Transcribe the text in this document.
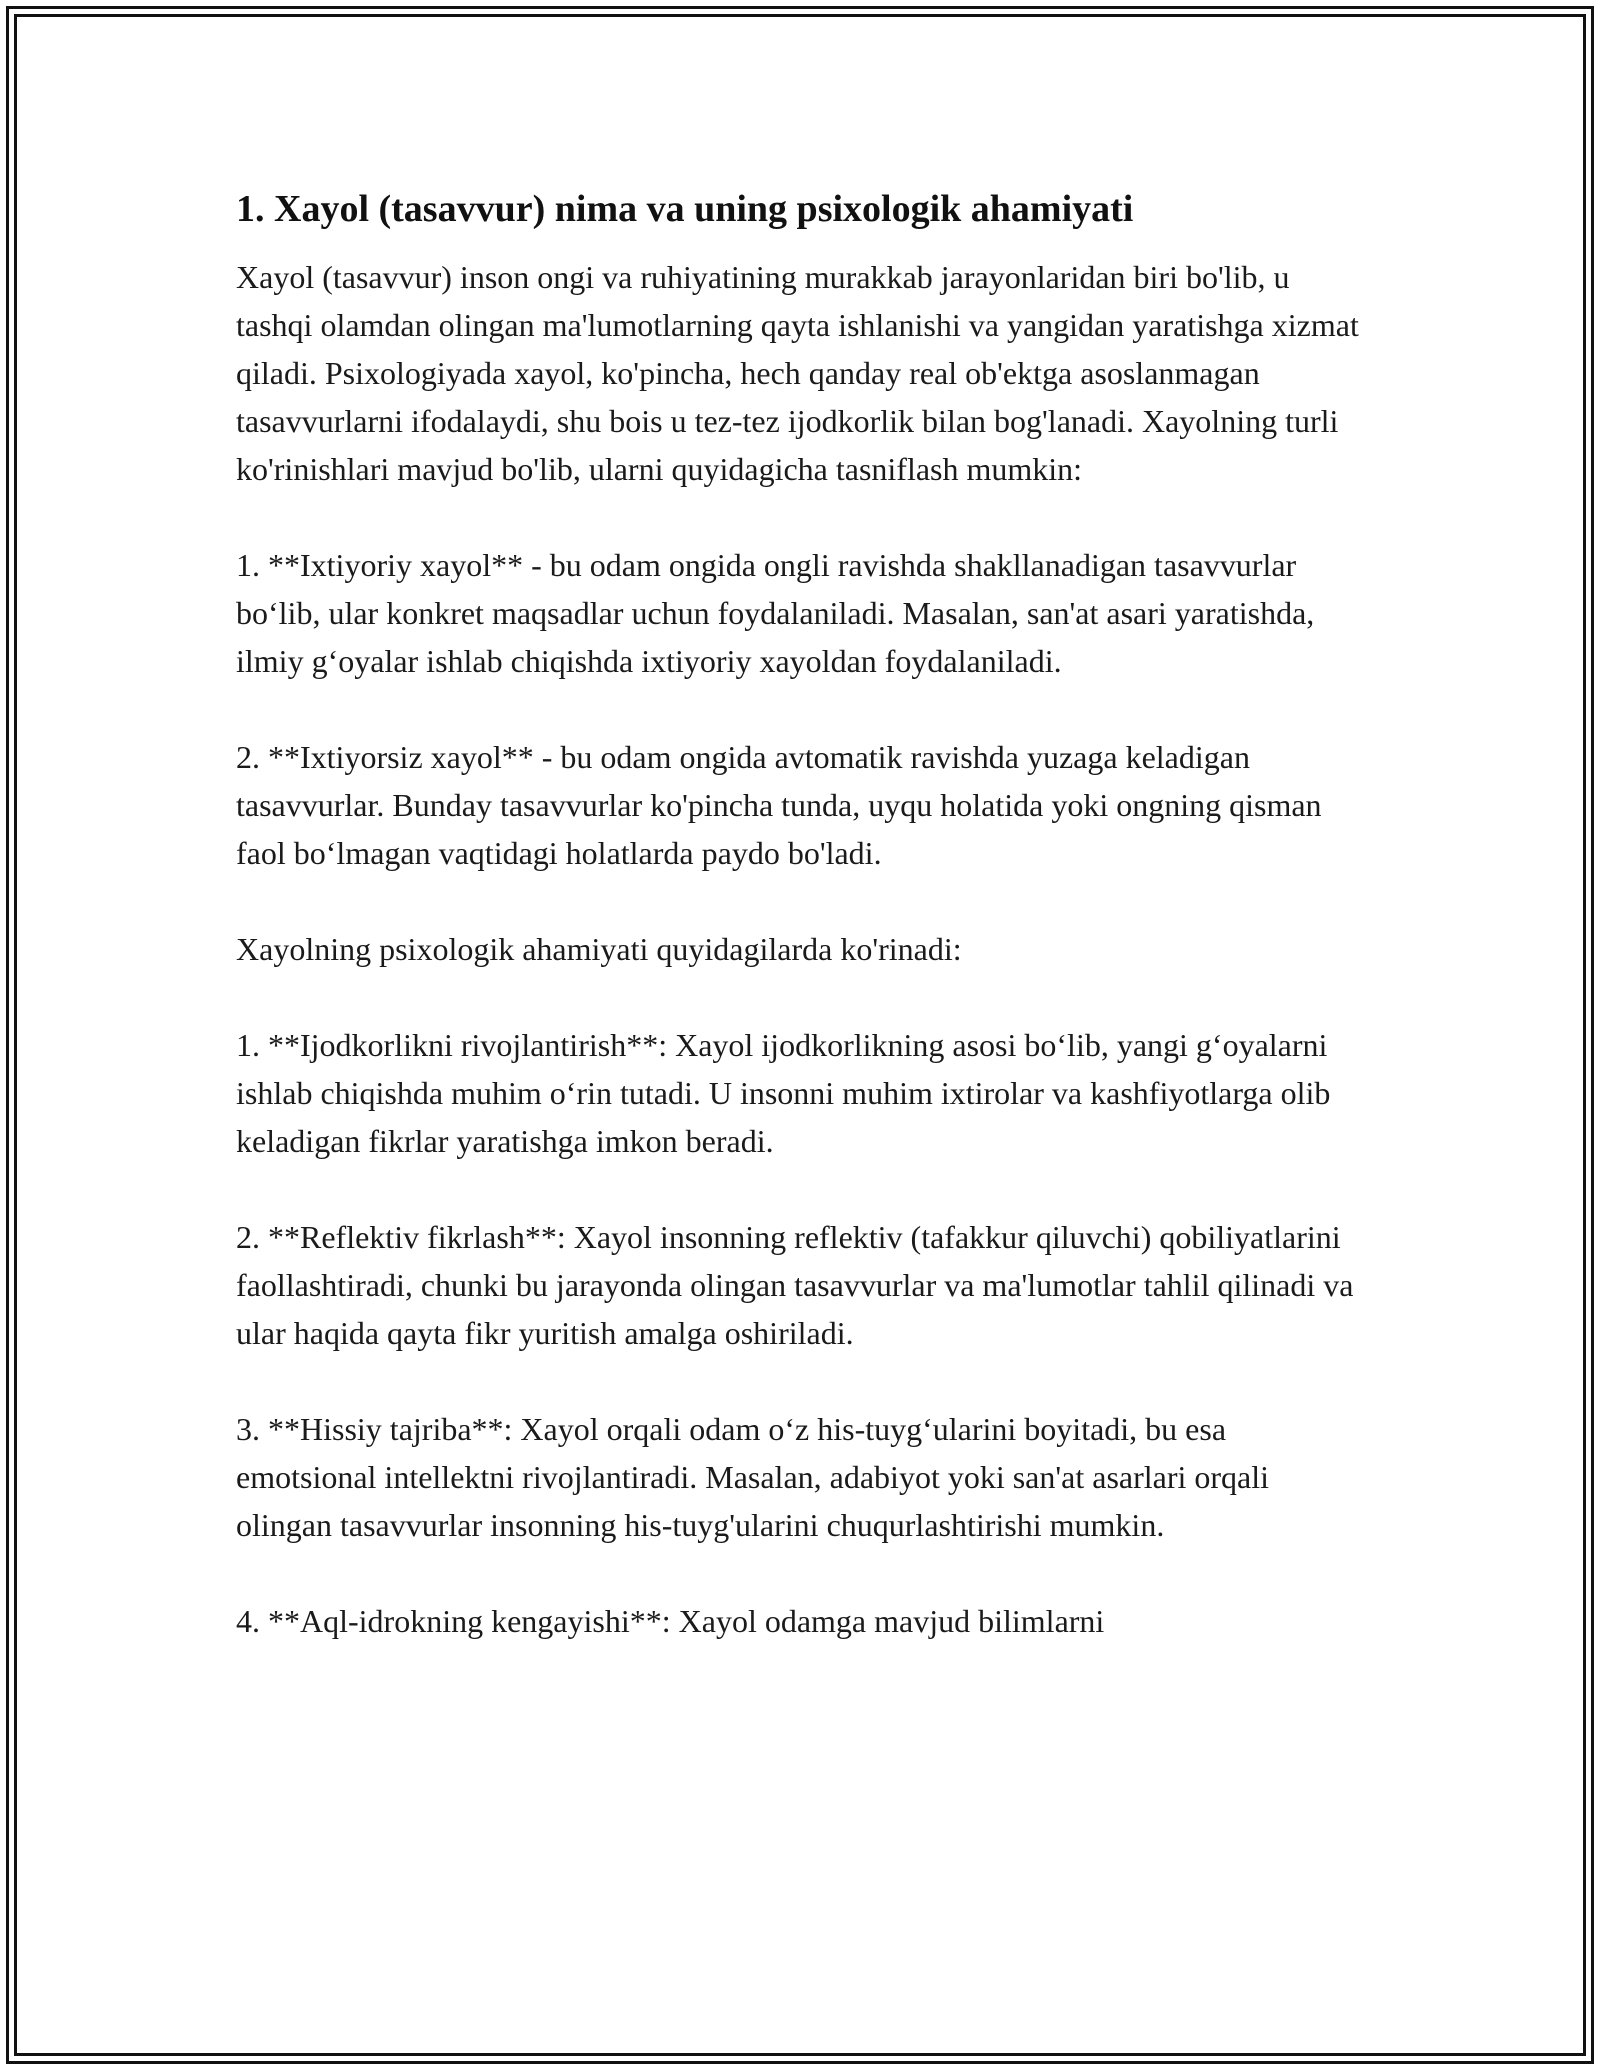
1. Xayol (tasavvur) nima va uning psixologik ahamiyati

Xayol (tasavvur) inson ongi va ruhiyatining murakkab jarayonlaridan biri bo'lib, u tashqi olamdan olingan ma'lumotlarning qayta ishlanishi va yangidan yaratishga xizmat qiladi. Psixologiyada xayol, ko'pincha, hech qanday real ob'ektga asoslanmagan tasavvurlarni ifodalaydi, shu bois u tez-tez ijodkorlik bilan bog'lanadi. Xayolning turli ko'rinishlari mavjud bo'lib, ularni quyidagicha tasniflash mumkin:

1. **Ixtiyoriy xayol** - bu odam ongida ongli ravishda shakllanadigan tasavvurlar bo‘lib, ular konkret maqsadlar uchun foydalaniladi. Masalan, san'at asari yaratishda, ilmiy g‘oyalar ishlab chiqishda ixtiyoriy xayoldan foydalaniladi.

2. **Ixtiyorsiz xayol** - bu odam ongida avtomatik ravishda yuzaga keladigan tasavvurlar. Bunday tasavvurlar ko'pincha tunda, uyqu holatida yoki ongning qisman faol bo‘lmagan vaqtidagi holatlarda paydo bo'ladi.

Xayolning psixologik ahamiyati quyidagilarda ko'rinadi:

1. **Ijodkorlikni rivojlantirish**: Xayol ijodkorlikning asosi bo‘lib, yangi g‘oyalarni ishlab chiqishda muhim o‘rin tutadi. U insonni muhim ixtirolar va kashfiyotlarga olib keladigan fikrlar yaratishga imkon beradi.

2. **Reflektiv fikrlash**: Xayol insonning reflektiv (tafakkur qiluvchi) qobiliyatlarini faollashtiradi, chunki bu jarayonda olingan tasavvurlar va ma'lumotlar tahlil qilinadi va ular haqida qayta fikr yuritish amalga oshiriladi.

3. **Hissiy tajriba**: Xayol orqali odam o‘z his-tuyg‘ularini boyitadi, bu esa emotsional intellektni rivojlantiradi. Masalan, adabiyot yoki san'at asarlari orqali olingan tasavvurlar insonning his-tuyg'ularini chuqurlashtirishi mumkin.

4. **Aql-idrokning kengayishi**: Xayol odamga mavjud bilimlarni
